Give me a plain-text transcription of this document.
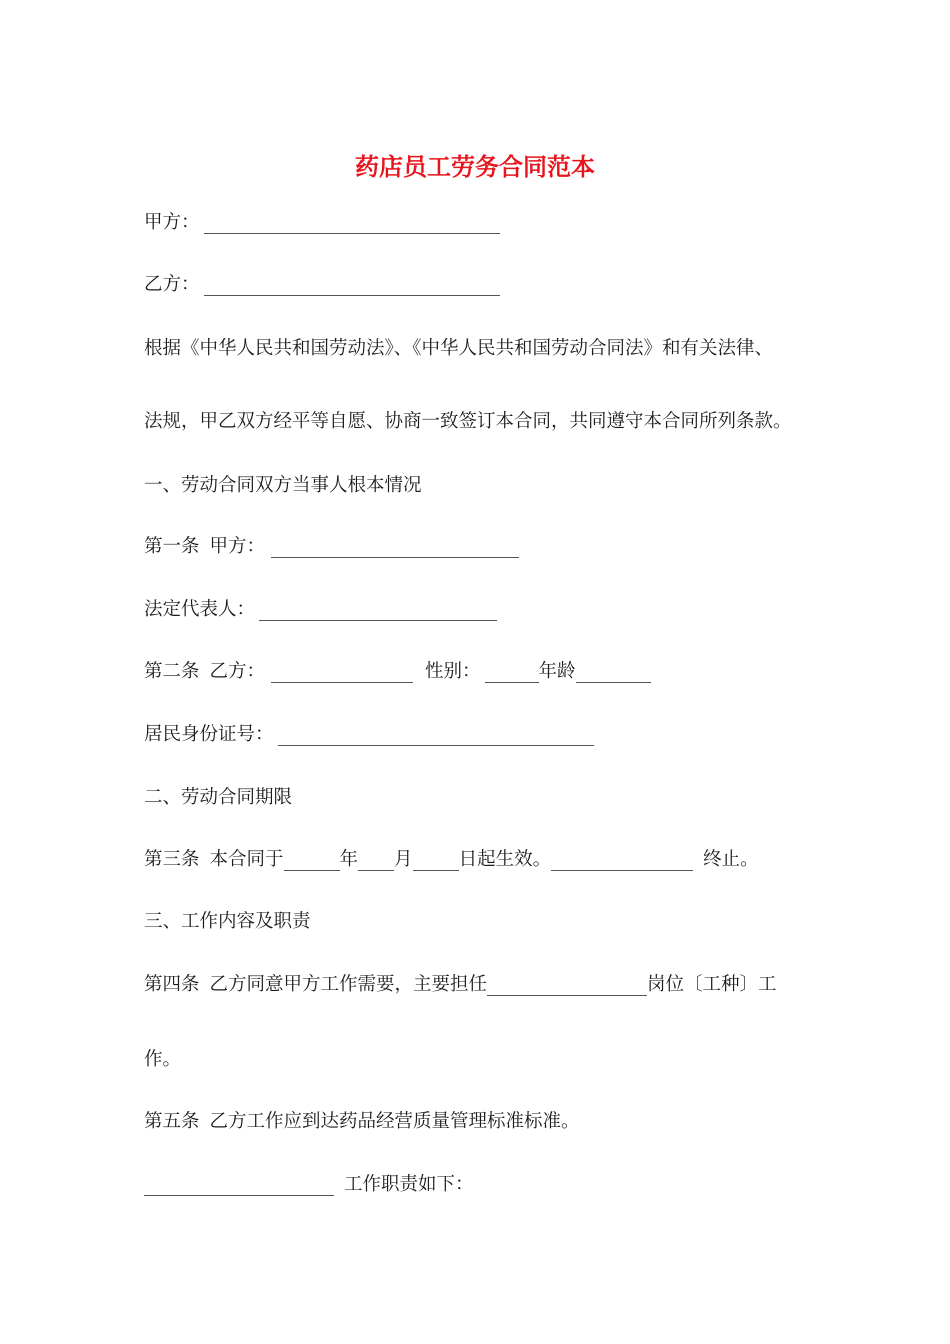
药店员工劳务合同范本
甲方：
乙方：
根据《中华人民共和国劳动法》、《中华人民共和国劳动合同法》和有关法律、
法规，甲乙双方经平等自愿、协商一致签订本合同，共同遵守本合同所列条款。
一、劳动合同双方当事人根本情况
第一条 甲方：
法定代表人：
第二条 乙方：	性别：	年龄
居民身份证号：
二、劳动合同期限
第三条 本合同于	年 月 日起生效。	终止。
三、工作内容及职责
第四条 乙方同意甲方工作需要，主要担任	岗位〔工种〕工
作。
第五条 乙方工作应到达药品经营质量管理标准标准。
工作职责如下：
